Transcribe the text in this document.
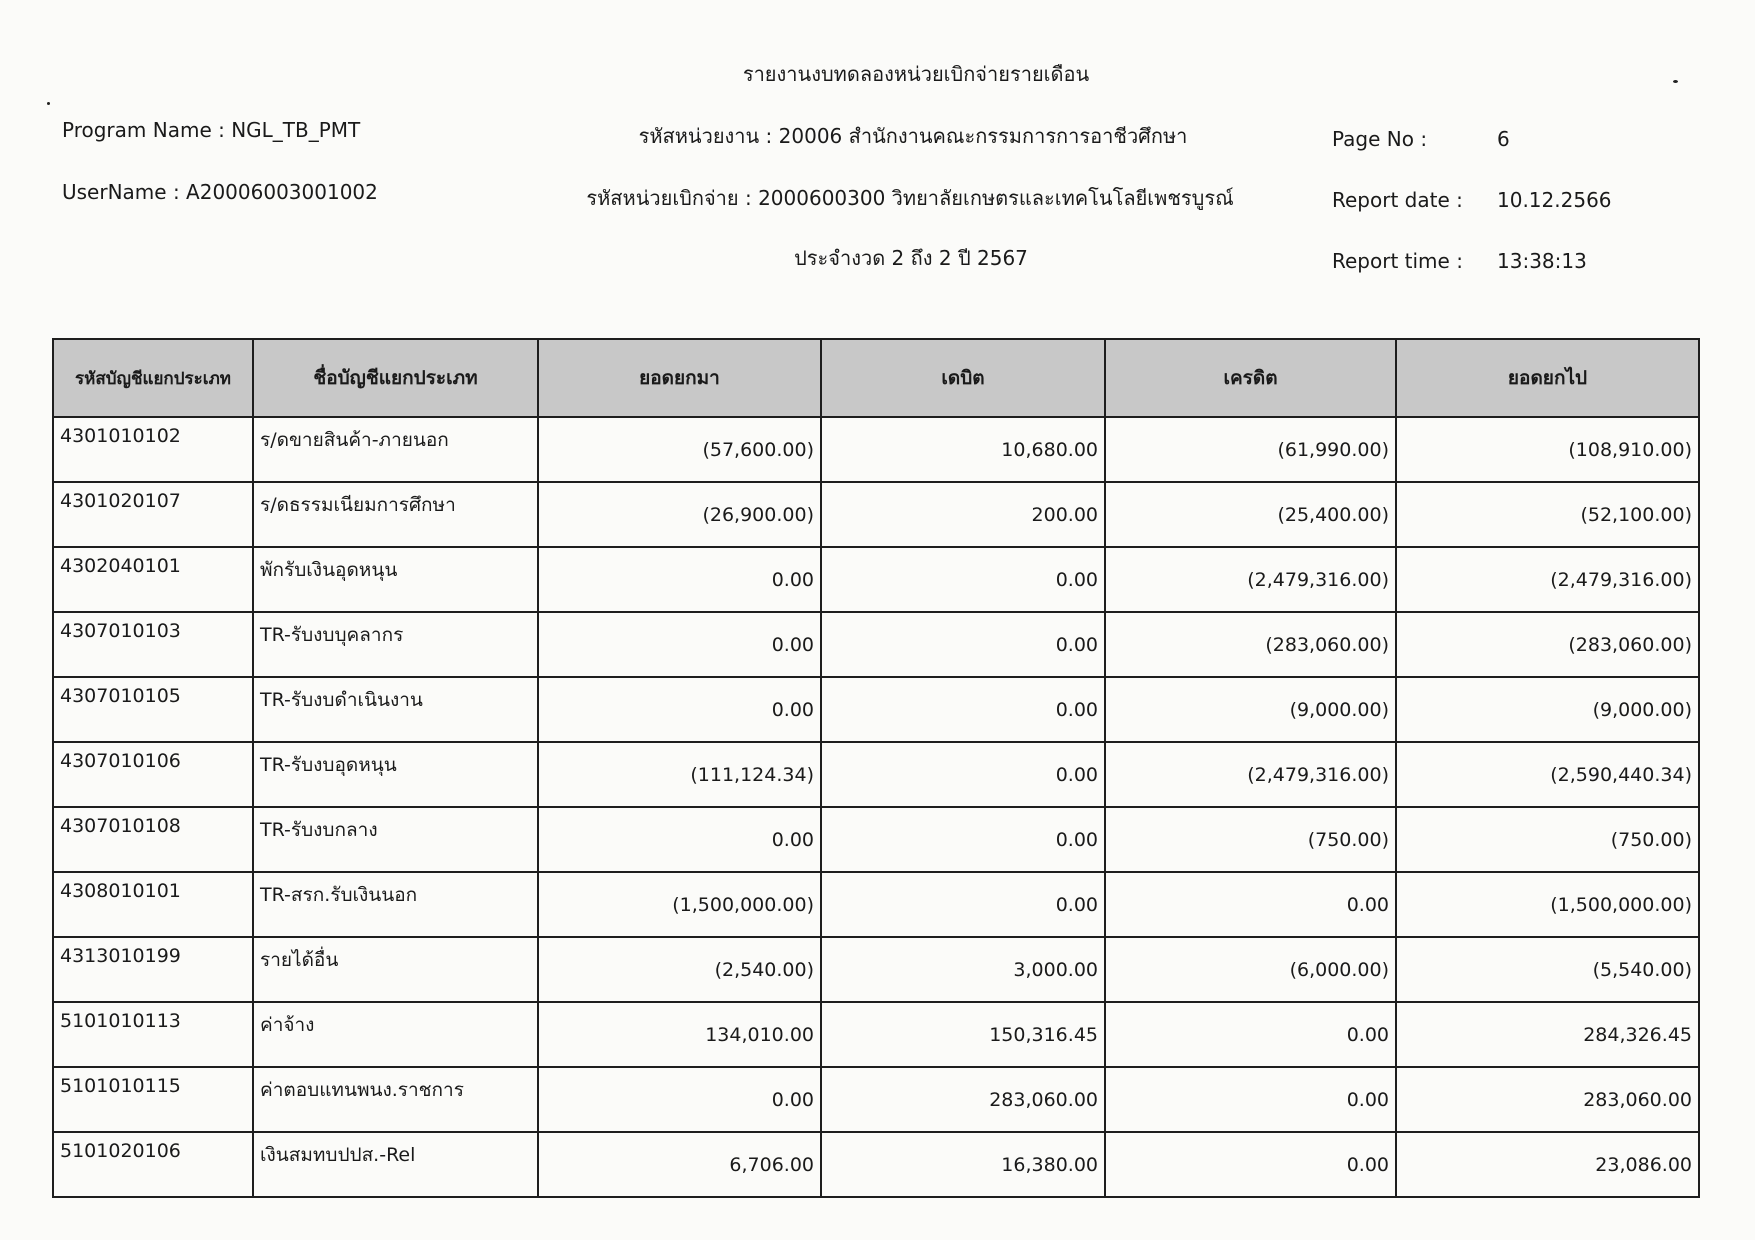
รายงานงบทดลองหน่วยเบิกจ่ายรายเดือน
Program Name : NGL_TB_PMT
UserName : A20006003001002
รหัสหน่วยงาน : 20006 สำนักงานคณะกรรมการการอาชีวศึกษา
รหัสหน่วยเบิกจ่าย : 2000600300 วิทยาลัยเกษตรและเทคโนโลยีเพชรบูรณ์
ประจำงวด 2 ถึง 2 ปี 2567
Page No :	6
Report date : 10.12.2566
Report time : 13:38:13
รหัสบัญชีแยกประเภท	ชื่อบัญชีแยกประเภท	ยอดยกมา	เดบิต	เครดิต	ยอดยกไป
4301010102	ร/ดขายสินค้า-ภายนอก	(57,600.00)	10,680.00	(61,990.00)	(108,910.00)
4301020107	ร/ดธรรมเนียมการศึกษา	(26,900.00)	200.00	(25,400.00)	(52,100.00)
4302040101	พักรับเงินอุดหนุน	0.00	0.00	(2,479,316.00)	(2,479,316.00)
4307010103	TR-รับงบบุคลากร	0.00	0.00	(283,060.00)	(283,060.00)
4307010105	TR-รับงบดำเนินงาน	0.00	0.00	(9,000.00)	(9,000.00)
4307010106	TR-รับงบอุดหนุน	(111,124.34)	0.00	(2,479,316.00)	(2,590,440.34)
4307010108	TR-รับงบกลาง	0.00	0.00	(750.00)	(750.00)
4308010101	TR-สรก.รับเงินนอก	(1,500,000.00)	0.00	0.00	(1,500,000.00)
4313010199	รายได้อื่น	(2,540.00)	3,000.00	(6,000.00)	(5,540.00)
5101010113	ค่าจ้าง	134,010.00	150,316.45	0.00	284,326.45
5101010115	ค่าตอบแทนพนง.ราชการ	0.00	283,060.00	0.00	283,060.00
5101020106	เงินสมทบปปส.-Rel	6,706.00	16,380.00	0.00	23,086.00
